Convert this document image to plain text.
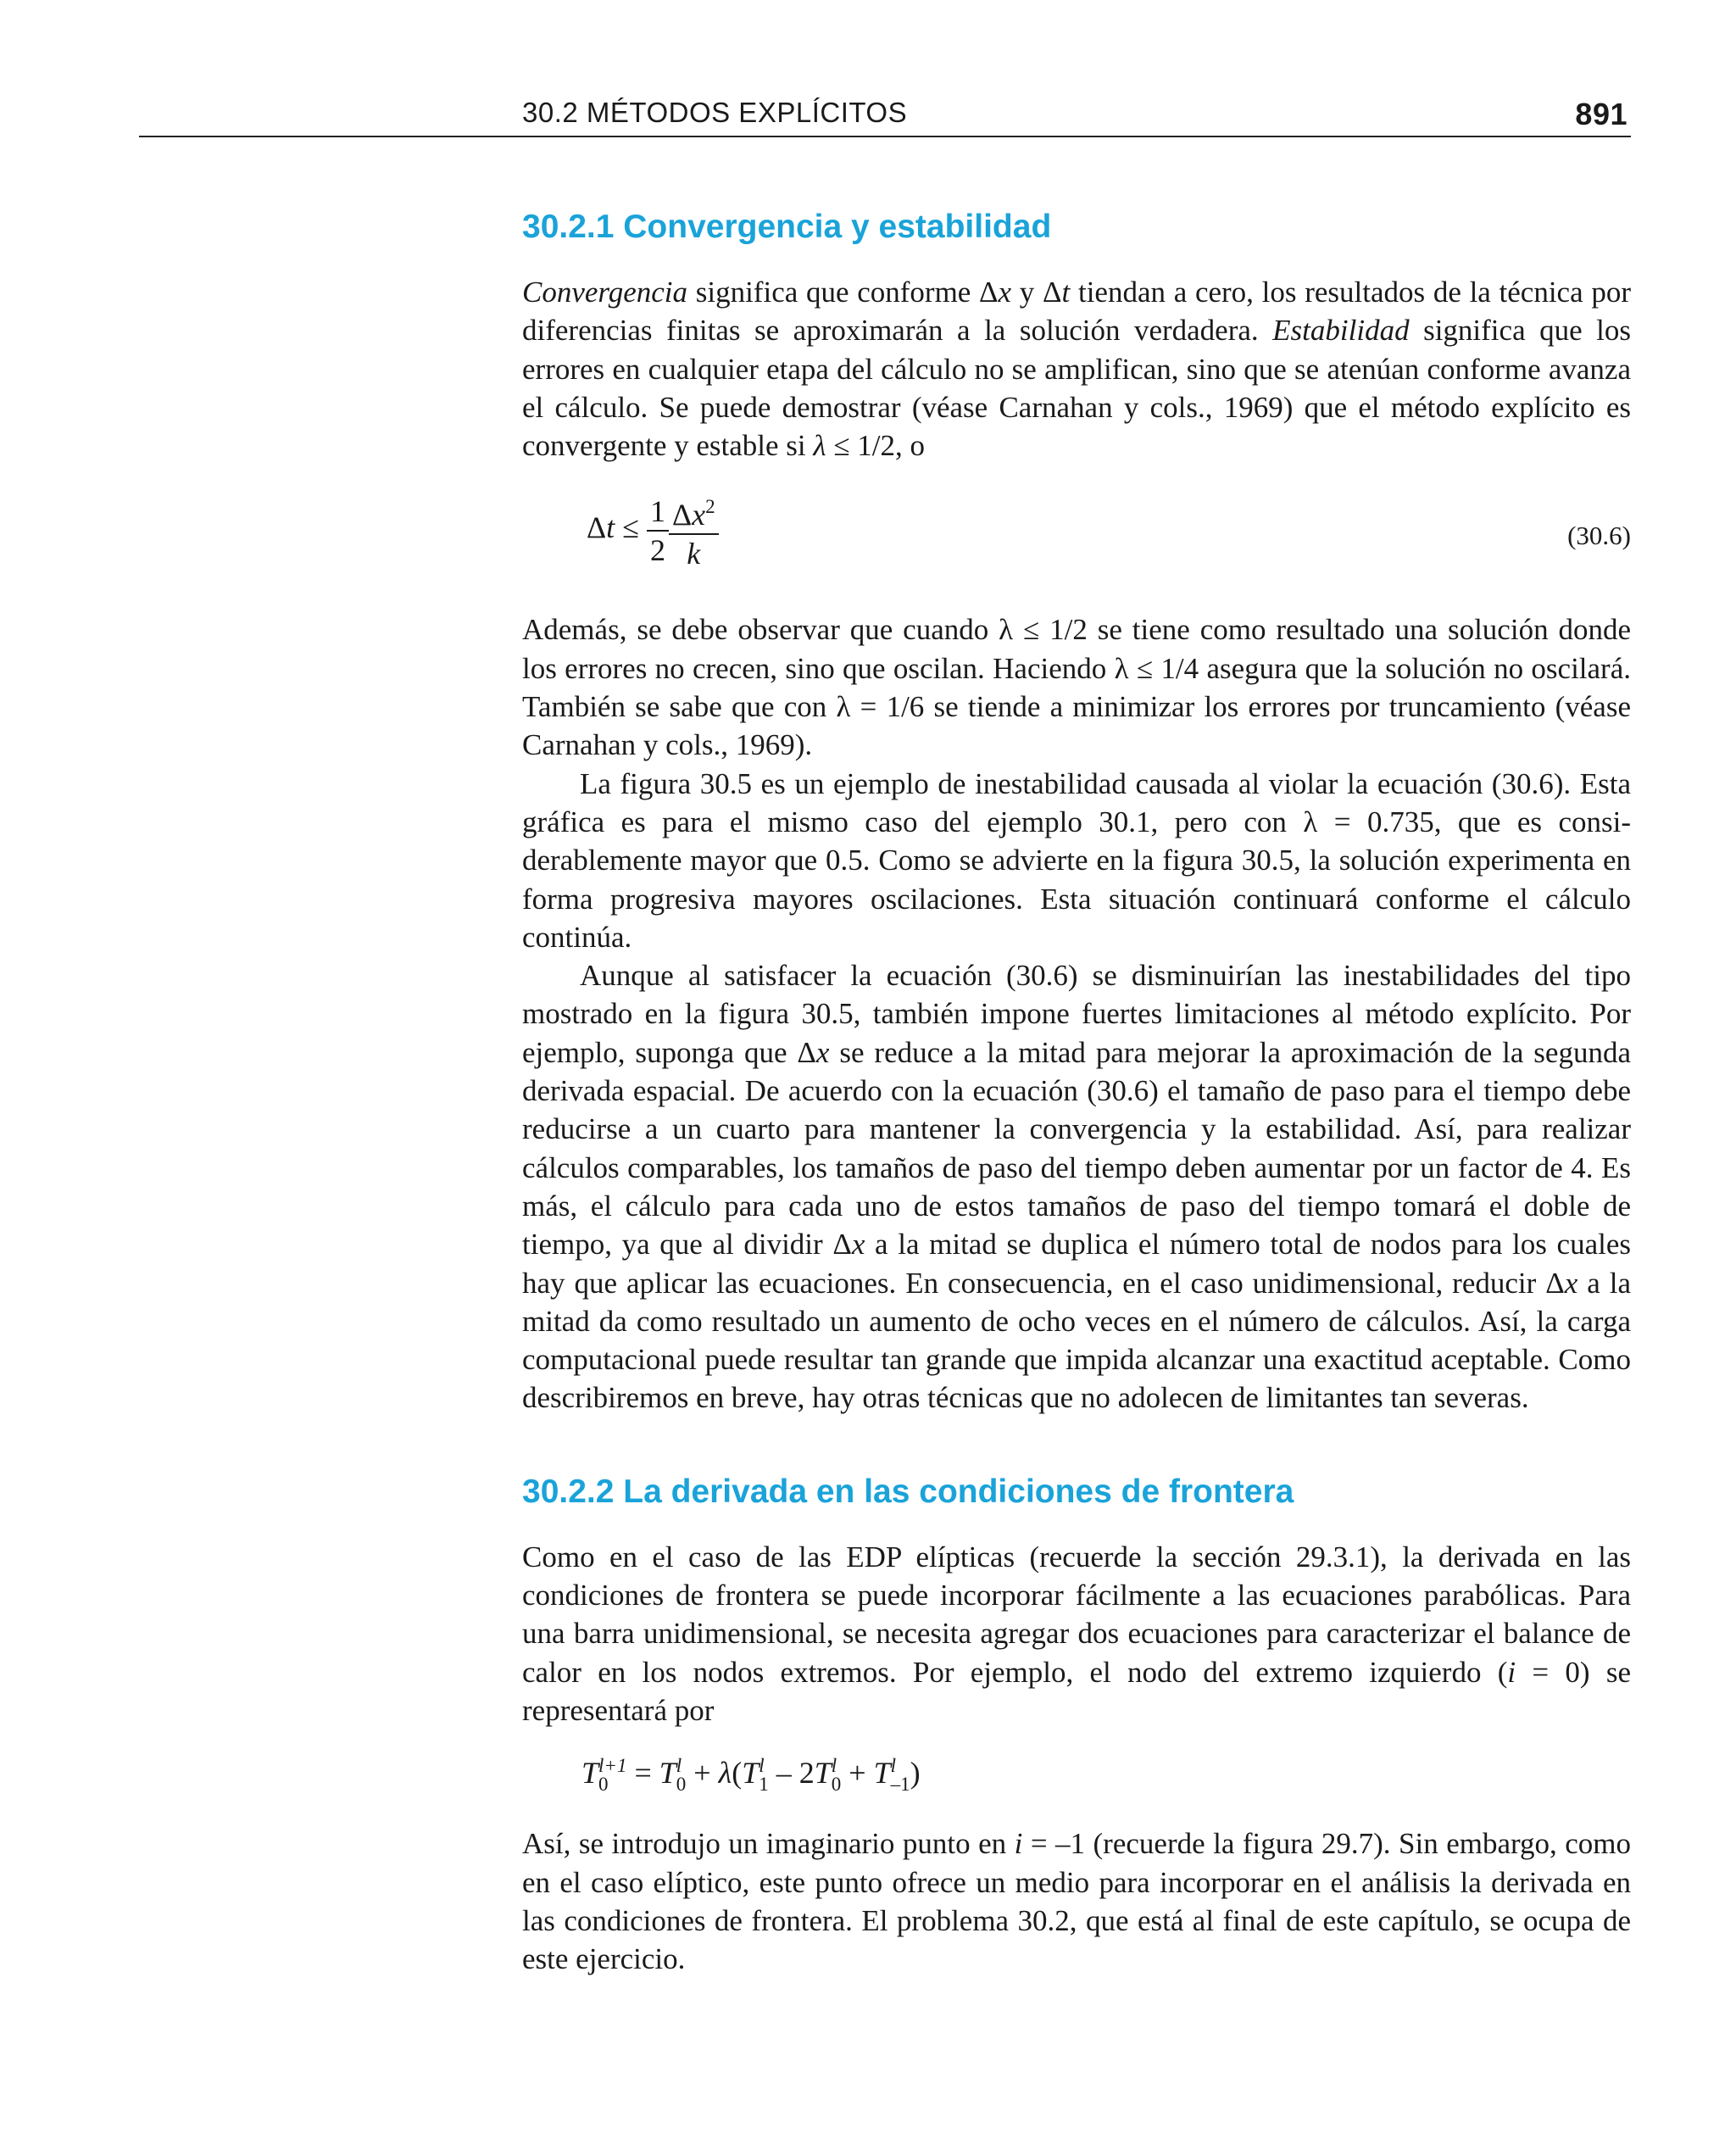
30.2 MÉTODOS EXPLÍCITOS	891
30.2.1 Convergencia y estabilidad

Convergencia significa que conforme Δx y Δt tiendan a cero, los resultados de la técnica por diferencias finitas se aproximarán a la solución verdadera. Estabilidad significa que los errores en cualquier etapa del cálculo no se amplifican, sino que se atenúan conforme avanza el cálculo. Se puede demostrar (véase Carnahan y cols., 1969) que el método explícito es convergente y estable si λ ≤ 1/2, o

$\Delta t \le \frac{1}{2} \frac{\Delta x^2}{k}$	(30.6)

Además, se debe observar que cuando λ ≤ 1/2 se tiene como resultado una solución donde los errores no crecen, sino que oscilan. Haciendo λ ≤ 1/4 asegura que la solución no oscilará. También se sabe que con λ = 1/6 se tiende a minimizar los errores por truncamiento (véase Carnahan y cols., 1969).

La figura 30.5 es un ejemplo de inestabilidad causada al violar la ecuación (30.6). Esta gráfica es para el mismo caso del ejemplo 30.1, pero con λ = 0.735, que es considerablemente mayor que 0.5. Como se advierte en la figura 30.5, la solución experimenta en forma progresiva mayores oscilaciones. Esta situación continuará conforme el cálculo continúa.

Aunque al satisfacer la ecuación (30.6) se disminuirían las inestabilidades del tipo mostrado en la figura 30.5, también impone fuertes limitaciones al método explícito. Por ejemplo, suponga que Δx se reduce a la mitad para mejorar la aproximación de la segunda derivada espacial. De acuerdo con la ecuación (30.6) el tamaño de paso para el tiempo debe reducirse a un cuarto para mantener la convergencia y la estabilidad. Así, para realizar cálculos comparables, los tamaños de paso del tiempo deben aumentar por un factor de 4. Es más, el cálculo para cada uno de estos tamaños de paso del tiempo tomará el doble de tiempo, ya que al dividir Δx a la mitad se duplica el número total de nodos para los cuales hay que aplicar las ecuaciones. En consecuencia, en el caso unidimensional, reducir Δx a la mitad da como resultado un aumento de ocho veces en el número de cálculos. Así, la carga computacional puede resultar tan grande que impida alcanzar una exactitud aceptable. Como describiremos en breve, hay otras técnicas que no adolecen de limitantes tan severas.

30.2.2 La derivada en las condiciones de frontera

Como en el caso de las EDP elípticas (recuerde la sección 29.3.1), la derivada en las condiciones de frontera se puede incorporar fácilmente a las ecuaciones parabólicas. Para una barra unidimensional, se necesita agregar dos ecuaciones para caracterizar el balance de calor en los nodos extremos. Por ejemplo, el nodo del extremo izquierdo (i = 0) se representará por

T l+1
0 = T l
0 + λ(T l
1 – 2T l
0 + T l
–1 )

Así, se introdujo un imaginario punto en i = –1 (recuerde la figura 29.7). Sin embargo, como en el caso elíptico, este punto ofrece un medio para incorporar en el análisis la derivada en las condiciones de frontera. El problema 30.2, que está al final de este capítulo, se ocupa de este ejercicio.
